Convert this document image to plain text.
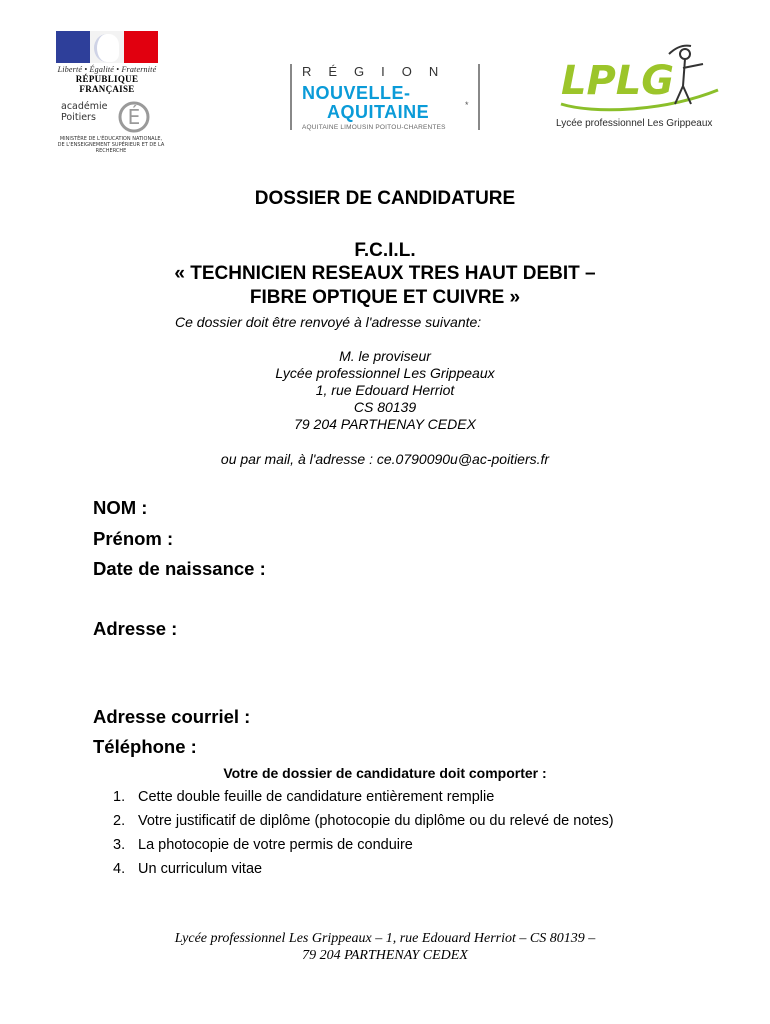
Liberté • Égalité • Fraternité
RÉPUBLIQUE FRANÇAISE
académie
Poitiers	É
MINISTÈRE DE L'ÉDUCATION NATIONALE, DE L'ENSEIGNEMENT SUPÉRIEUR ET DE LA RECHERCHE
RÉGION
NOUVELLE-
AQUITAINE	*
AQUITAINE LIMOUSIN POITOU-CHARENTES
LPLG
Lycée professionnel Les Grippeaux
DOSSIER DE CANDIDATURE
F.C.I.L.
« TECHNICIEN RESEAUX TRES HAUT DEBIT –
FIBRE OPTIQUE ET CUIVRE »
Ce dossier doit être renvoyé à l'adresse suivante:
M. le proviseur
Lycée professionnel Les Grippeaux
1, rue Edouard Herriot
CS 80139
79 204 PARTHENAY CEDEX
ou par mail, à l'adresse : ce.0790090u@ac-poitiers.fr
NOM :
Prénom :
Date de naissance :
Adresse :
Adresse courriel :
Téléphone :
Votre de dossier de candidature doit comporter :
1. Cette double feuille de candidature entièrement remplie
2. Votre justificatif de diplôme (photocopie du diplôme ou du relevé de notes)
3. La photocopie de votre permis de conduire
4. Un curriculum vitae
Lycée professionnel Les Grippeaux – 1, rue Edouard Herriot – CS 80139 –
79 204 PARTHENAY CEDEX
